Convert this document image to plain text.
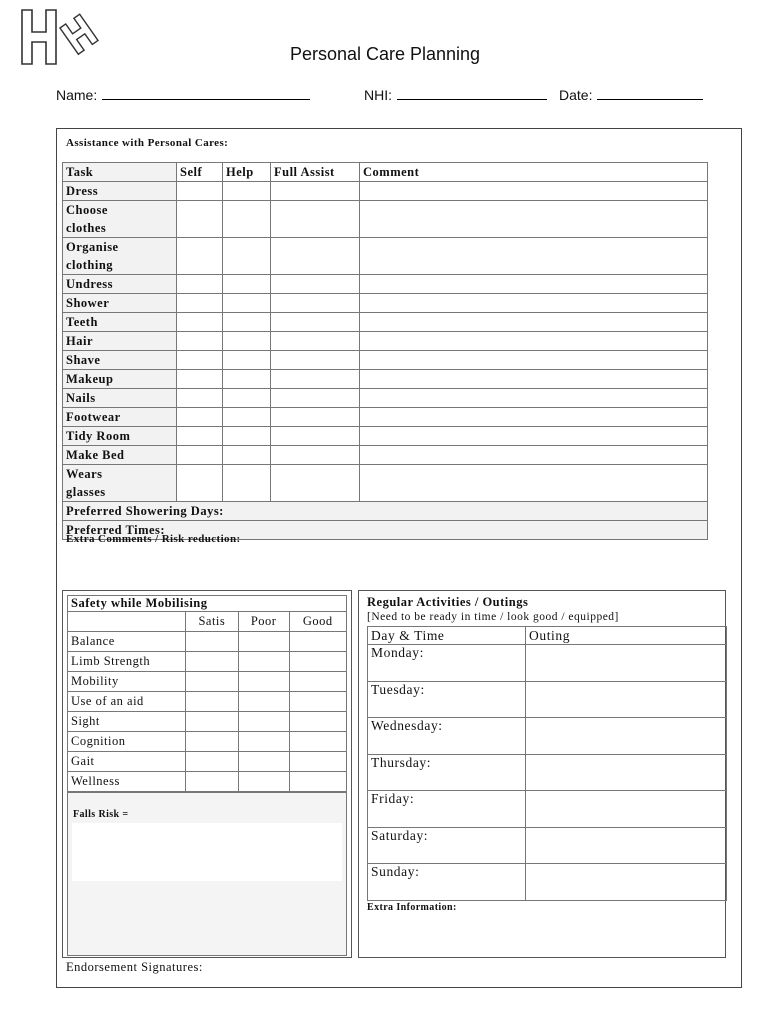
Personal Care Planning
Name:	NHI:	Date:
Assistance with Personal Cares:
Task	Self	Help	Full Assist	Comment

Dress				

Choose
clothes				

Organise
clothing				

Undress				

Shower				

Teeth				

Hair				

Shave				

Makeup				

Nails				

Footwear				

Tidy Room				

Make Bed				

Wears
glasses				

Preferred Showering Days:				
Preferred Times:				
Extra Comments / Risk reduction:
Safety while Mobilising			
	Satis	Poor	Good
Balance			
Limb Strength			
Mobility			
Use of an aid			
Sight			
Cognition			
Gait			
Wellness			
Falls Risk =
Regular Activities / Outings
[Need to be ready in time / look good / equipped]
Day & Time	Outing
Monday:	
Tuesday:	
Wednesday:	
Thursday:	
Friday:	
Saturday:	
Sunday:	
Extra Information:
Endorsement Signatures:
